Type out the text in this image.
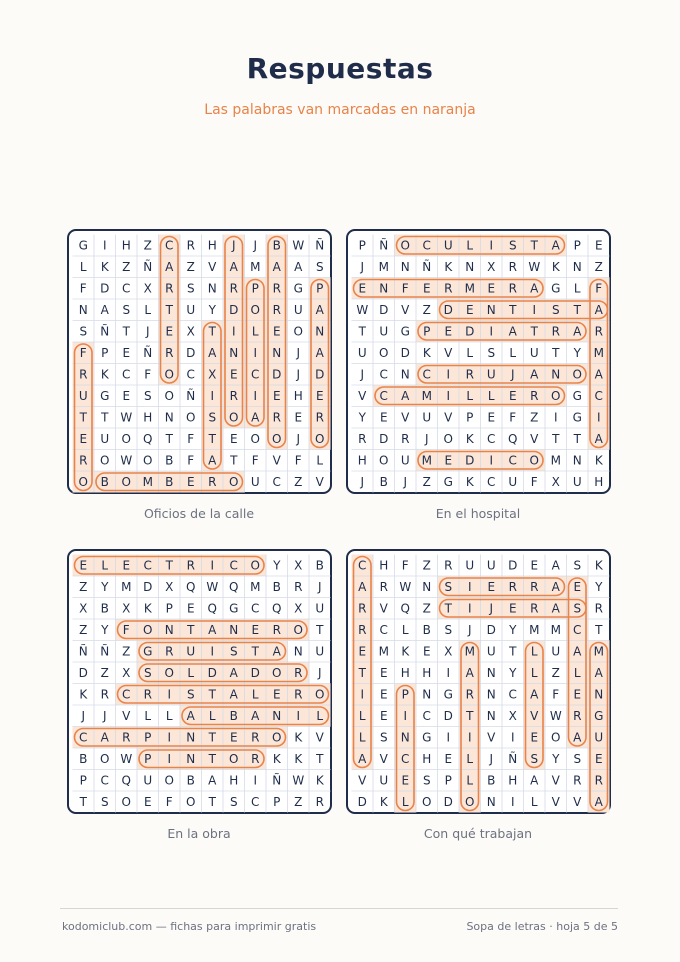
Respuestas
Las palabras van marcadas en naranja
G I H Z C R H J J B W Ñ
L K Z Ñ A Z V A M A A S
F D C X R S N R P R G P
N A S L T U Y D O R U A
S Ñ T J E X T I L E O N
F P E Ñ R D A N I N J A
R K C F O C X E C D J D
U G E S O Ñ I R I E H E
T T W H N O S O A R E R
E U O Q T F T E O O J O
R O W O B F A T F V F L
O B O M B E R O U C Z V
Oficios de la calle
P Ñ O C U L I S T A P E
J M N Ñ K N X R W K N Z
E N F E R M E R A G L F
W D V Z D E N T I S T A
T U G P E D I A T R A R
U O D K V L S L U T Y M
J C N C I R U J A N O A
V C A M I L L E R O G C
Y E V U V P E F Z I G I
R D R J O K C Q V T T A
H O U M E D I C O M N K
J B J Z G K C U F X U H
En el hospital
E L E C T R I C O Y X B
Z Y M D X Q W Q M B R J
X B X K P E Q G C Q X U
Z Y F O N T A N E R O T
Ñ Ñ Z G R U I S T A N U
D Z X S O L D A D O R J
K R C R I S T A L E R O
J J V L L A L B A N I L
C A R P I N T E R O K V
B O W P I N T O R K K T
P C Q U O B A H I Ñ W K
T S O E F O T S C P Z R
En la obra
C H F Z R U U D E A S K
A R W N S I E R R A E Y
R V Q Z T I J E R A S R
R C L B S J D Y M M C T
E M K E X M U T L U A M
T E H H I A N Y L Z L A
I E P N G R N C A F E N
L E I C D T N X V W R G
L S N G I I V I E O A U
A V C H E L J Ñ S Y S E
V U E S P L B H A V R R
D K L O D O N I L V V A
Con qué trabajan
kodomiclub.com — fichas para imprimir gratis	Sopa de letras · hoja 5 de 5
